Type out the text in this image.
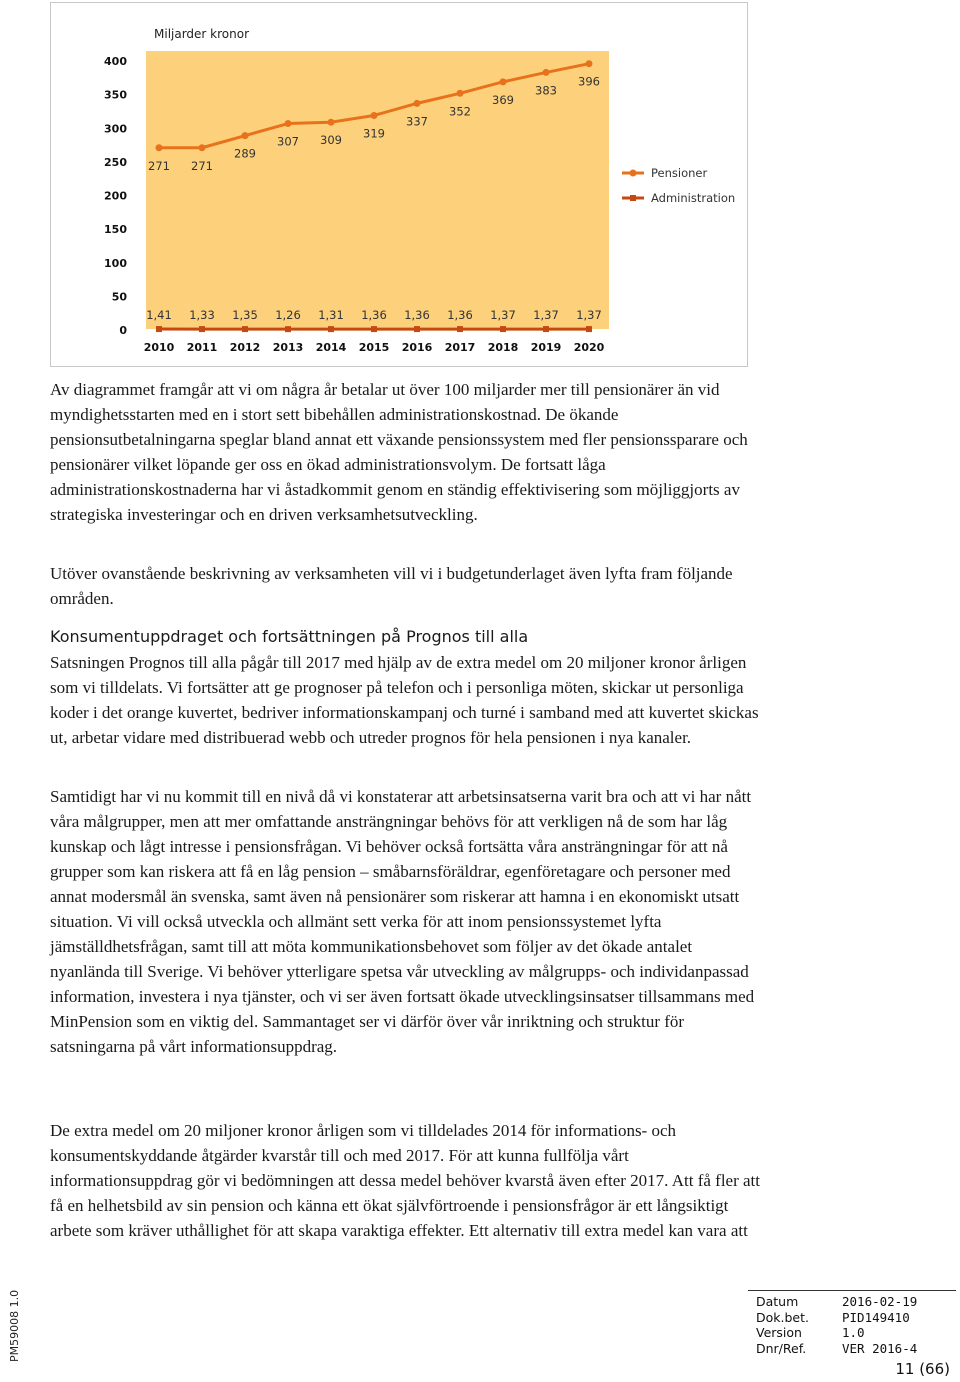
Miljarder kronor
0
50
100
150
200
250
300
350
400
2010 2011 2012 2013 2014 2015 2016 2017 2018 2019 2020
271 271
289
307 309 319
337
352
369
383
396
1,41 1,33 1,35 1,26 1,31 1,36 1,36 1,36 1,37 1,37 1,37
Pensioner
Administration

Av diagrammet framgår att vi om några år betalar ut över 100 miljarder mer till pensionärer än vid myndighetsstarten med en i stort sett bibehållen administrationskostnad. De ökande pensionsutbetalningarna speglar bland annat ett växande pensionssystem med fler pensionssparare och pensionärer vilket löpande ger oss en ökad administrationsvolym. De fortsatt låga administrationskostnaderna har vi åstadkommit genom en ständig effektivisering som möjliggjorts av strategiska investeringar och en driven verksamhetsutveckling.

Utöver ovanstående beskrivning av verksamheten vill vi i budgetunderlaget även lyfta fram följande områden.

Konsumentuppdraget och fortsättningen på Prognos till alla

Satsningen Prognos till alla pågår till 2017 med hjälp av de extra medel om 20 miljoner kronor årligen som vi tilldelats. Vi fortsätter att ge prognoser på telefon och i personliga möten, skickar ut personliga koder i det orange kuvertet, bedriver informationskampanj och turné i samband med att kuvertet skickas ut, arbetar vidare med distribuerad webb och utreder prognos för hela pensionen i nya kanaler.

Samtidigt har vi nu kommit till en nivå då vi konstaterar att arbetsinsatserna varit bra och att vi har nått våra målgrupper, men att mer omfattande ansträngningar behövs för att verkligen nå de som har låg kunskap och lågt intresse i pensionsfrågan. Vi behöver också fortsätta våra ansträngningar för att nå grupper som kan riskera att få en låg pension – småbarnsföräldrar, egenföretagare och personer med annat modersmål än svenska, samt även nå pensionärer som riskerar att hamna i en ekonomiskt utsatt situation. Vi vill också utveckla och allmänt sett verka för att inom pensionssystemet lyfta jämställdhetsfrågan, samt till att möta kommunikationsbehovet som följer av det ökade antalet nyanlända till Sverige. Vi behöver ytterligare spetsa vår utveckling av målgrupps- och individanpassad information, investera i nya tjänster, och vi ser även fortsatt ökade utvecklingsinsatser tillsammans med MinPension som en viktig del. Sammantaget ser vi därför över vår inriktning och struktur för satsningarna på vårt informationsuppdrag.

De extra medel om 20 miljoner kronor årligen som vi tilldelades 2014 för informations- och konsumentskyddande åtgärder kvarstår till och med 2017. För att kunna fullfölja vårt informationsuppdrag gör vi bedömningen att dessa medel behöver kvarstå även efter 2017. Att få fler att få en helhetsbild av sin pension och känna ett ökat självförtroende i pensionsfrågor är ett långsiktigt arbete som kräver uthållighet för att skapa varaktiga effekter. Ett alternativ till extra medel kan vara att

PM59008 1.0	Datum	2016-02-19
Dok.bet.	PID149410
Version	1.0
Dnr/Ref.	VER 2016-4
11 (66)
